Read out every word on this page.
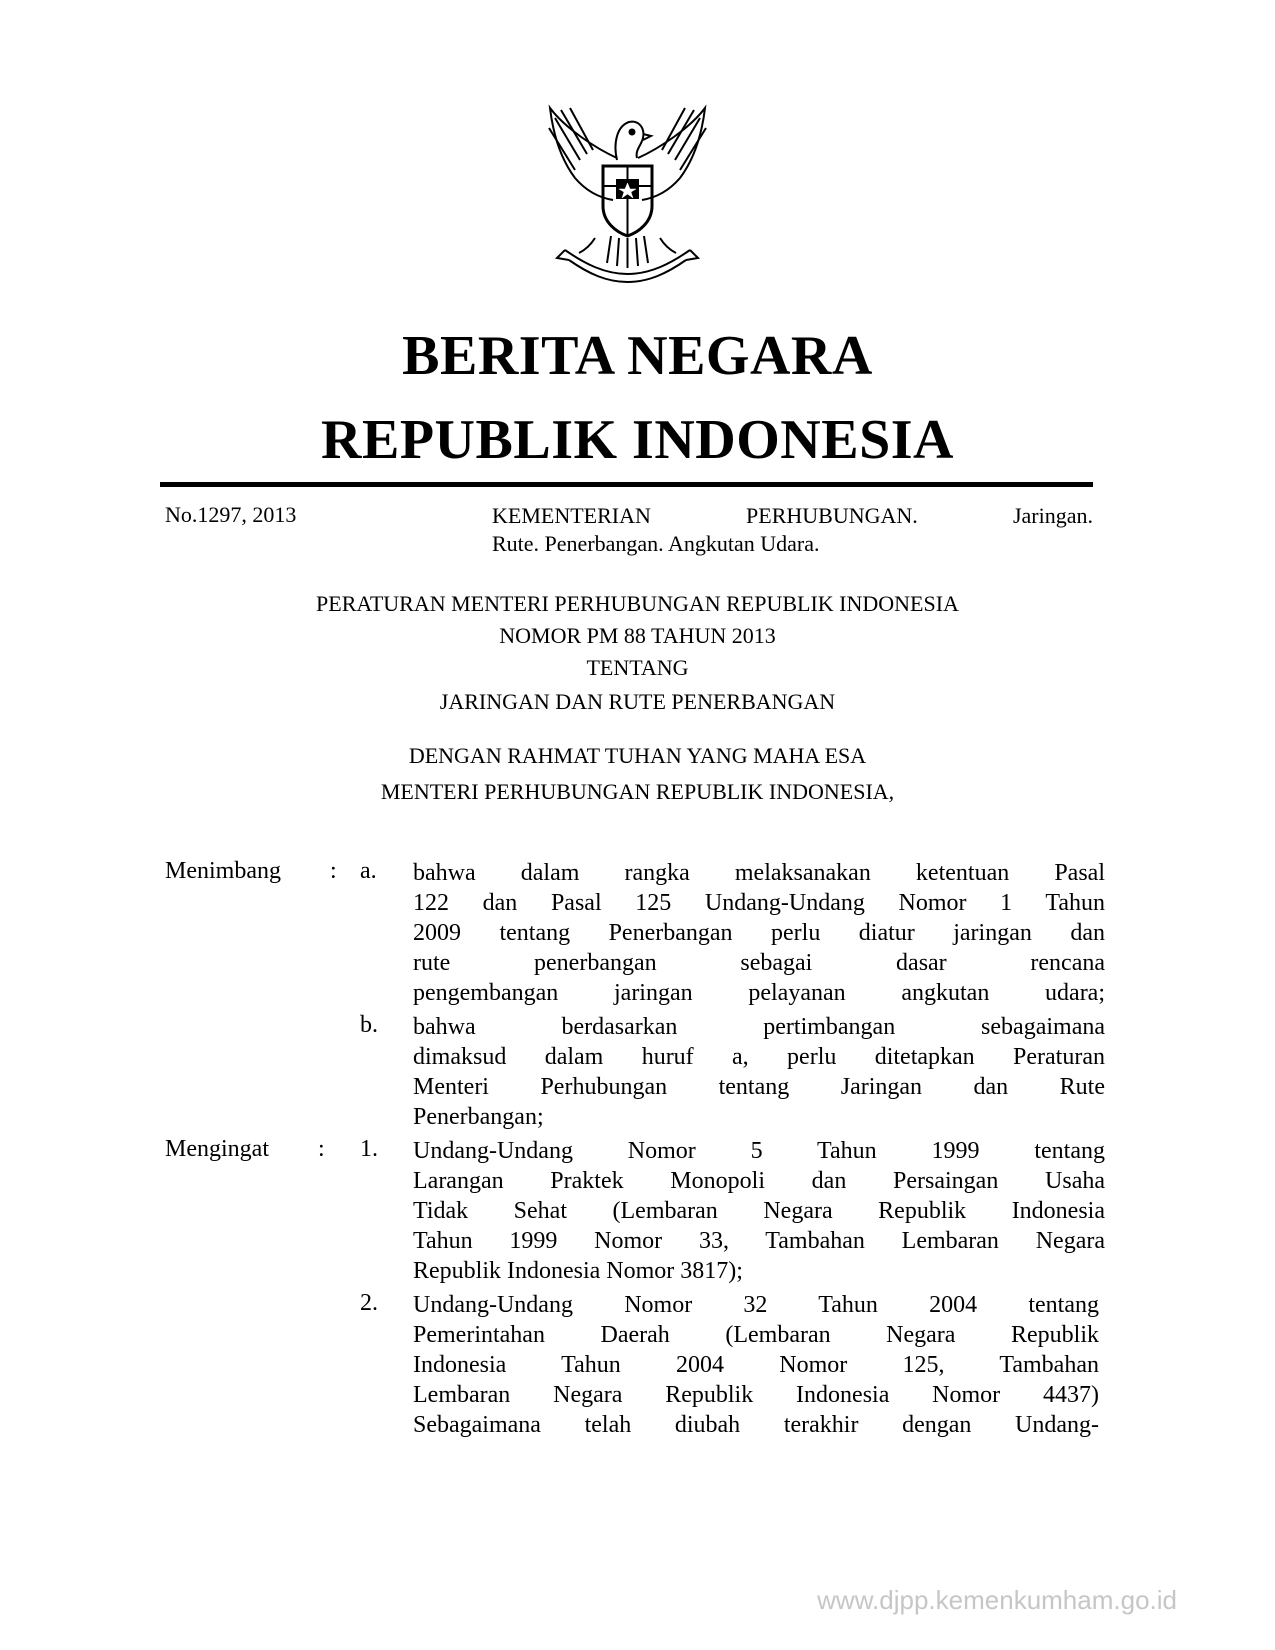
BERITA NEGARA
REPUBLIK INDONESIA
No.1297, 2013	KEMENTERIAN PERHUBUNGAN. Jaringan.
Rute. Penerbangan. Angkutan Udara.
PERATURAN MENTERI PERHUBUNGAN REPUBLIK INDONESIA
NOMOR PM 88 TAHUN 2013
TENTANG
JARINGAN DAN RUTE PENERBANGAN
DENGAN RAHMAT TUHAN YANG MAHA ESA
MENTERI PERHUBUNGAN REPUBLIK INDONESIA,
Menimbang : a. bahwa dalam rangka melaksanakan ketentuan Pasal
122 dan Pasal 125 Undang-Undang Nomor 1 Tahun
2009 tentang Penerbangan perlu diatur jaringan dan
rute penerbangan sebagai dasar rencana
pengembangan jaringan pelayanan angkutan udara;
b. bahwa berdasarkan pertimbangan sebagaimana
dimaksud dalam huruf a, perlu ditetapkan Peraturan
Menteri Perhubungan tentang Jaringan dan Rute
Penerbangan;
Mengingat : 1. Undang-Undang Nomor 5 Tahun 1999 tentang
Larangan Praktek Monopoli dan Persaingan Usaha
Tidak Sehat (Lembaran Negara Republik Indonesia
Tahun 1999 Nomor 33, Tambahan Lembaran Negara
Republik Indonesia Nomor 3817);
2. Undang-Undang Nomor 32 Tahun 2004 tentang
Pemerintahan Daerah (Lembaran Negara Republik
Indonesia Tahun 2004 Nomor 125, Tambahan
Lembaran Negara Republik Indonesia Nomor 4437)
Sebagaimana telah diubah terakhir dengan Undang-
www.djpp.kemenkumham.go.id
